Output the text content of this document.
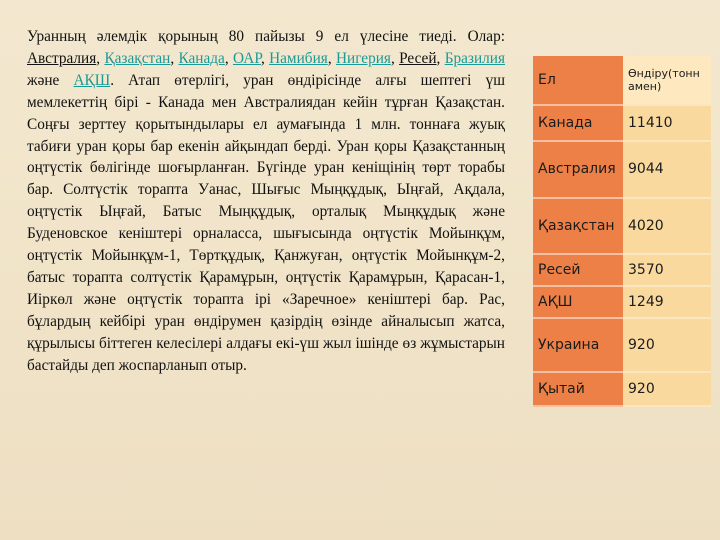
Уранның әлемдік қорының 80 пайызы 9 ел үлесіне тиеді. Олар: Австралия, Қазақстан, Канада, ОАР, Намибия, Нигерия, Ресей, Бразилия және АҚШ. Атап өтерлігі, уран өндірісінде алғы шептегі үш мемлекеттің бірі - Канада мен Австралиядан кейін тұрған Қазақстан. Соңғы зерттеу қорытындылары ел аумағында 1 млн. тоннаға жуық табиғи уран қоры бар екенін айқындап берді. Уран қоры Қазақстанның оңтүстік бөлігінде шоғырланған. Бүгінде уран кеніщінің төрт торабы бар. Солтүстік торапта Уанас, Шығыс Мыңқұдық, Ыңғай, Ақдала, оңтүстік Ыңғай, Батыс Мыңқұдық, орталық Мыңқұдық және Буденовское кеніштері орналасса, шығысында оңтүстік Мойынқұм, оңтүстік Мойынқұм-1, Төртқұдық, Қанжуған, оңтүстік Мойынқұм-2, батыс торапта солтүстік Қарамұрын, оңтүстік Қарамұрын, Қарасан-1, Иіркөл және оңтүстік торапта ірі «Заречное» кеніштері бар. Рас, бұлардың кейбірі уран өндірумен қазірдің өзінде айналысып жатса, құрылысы біттеген келесілері алдағы екі-үш жыл ішінде өз жұмыстарын бастайды деп жоспарланып отыр.

Ел	Өндіру(тоннамен)
Канада	11410
Австралия	9044
Қазақстан	4020
Ресей	3570
АҚШ	1249
Украина	920
Қытай	920
